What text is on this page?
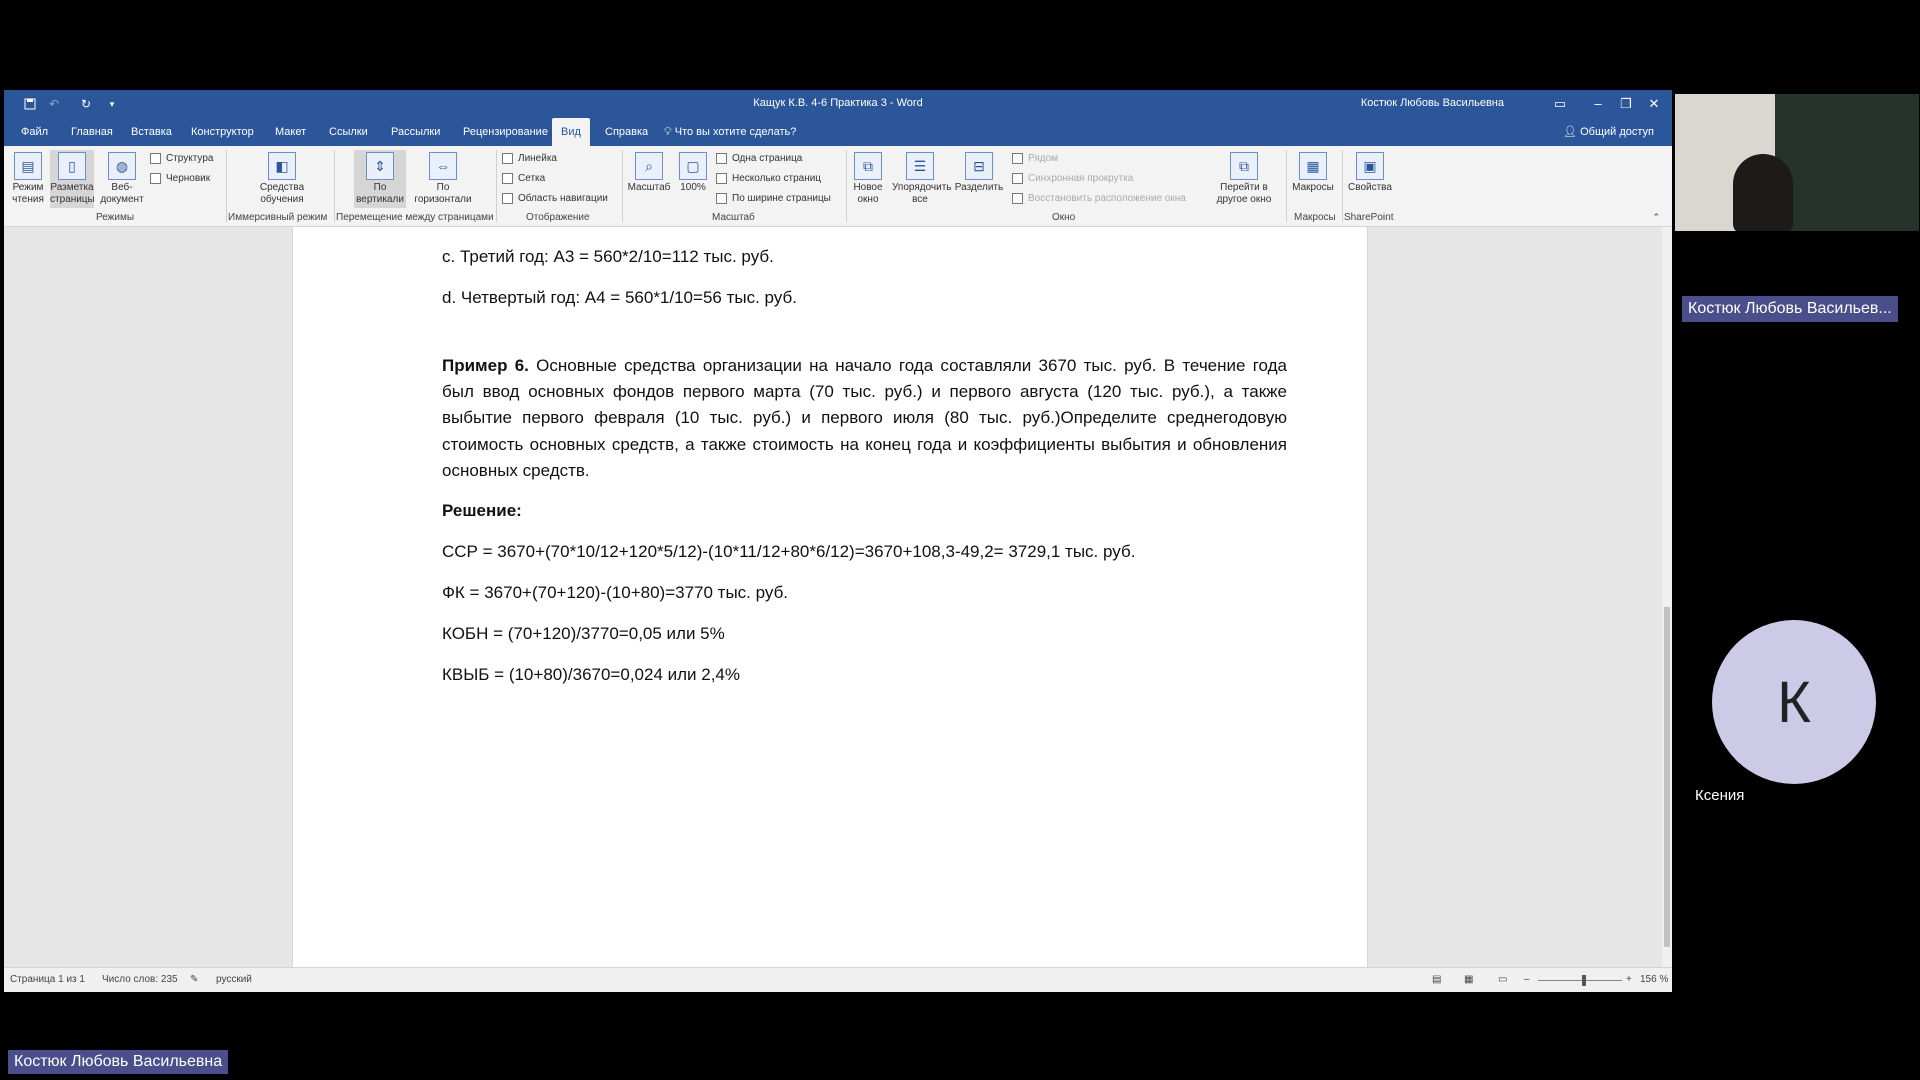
↶ ↻	▾	Кащук К.В. 4-6 Практика 3 - Word	Костюк Любовь Васильевна	▭	–	❐	✕
Файл	Главная	Вставка	Конструктор	Макет	Ссылки	Рассылки	Рецензирование	Вид	Справка	💡︎ Что вы хотите сделать?	👤︎ Общий доступ
▤
Режим чтения
▯
Разметка страницы
◍
Веб-документ
Структура
Черновик
Режимы
◧
Средства обучения
Иммерсивный режим
⇕
По вертикали
⇔
По горизонтали
Перемещение между страницами
Линейка
Сетка
Область навигации
Отображение
⌕
Масштаб
▢
100%
Одна страница
Несколько страниц
По ширине страницы
Масштаб
⧉
Новое окно
☰
Упорядочить все
⊟
Разделить
Рядом
Синхронная прокрутка
Восстановить расположение окна
⧉
Перейти в другое окно
Окно
▦
Макросы
Макросы
▣
Свойства
SharePoint	⌃
c. Третий год: А3 = 560*2/10=112 тыс. руб.
d. Четвертый год: А4 = 560*1/10=56 тыс. руб.
Пример 6. Основные средства организации на начало года составляли 3670 тыс. руб. В течение года был ввод основных фондов первого марта (70 тыс. руб.) и первого августа (120 тыс. руб.), а также выбытие первого февраля (10 тыс. руб.) и первого июля (80 тыс. руб.)Определите среднегодовую стоимость основных средств, а также стоимость на конец года и коэффициенты выбытия и обновления основных средств.
Решение:
ССР = 3670+(70*10/12+120*5/12)-(10*11/12+80*6/12)=3670+108,3-49,2= 3729,1 тыс. руб.
ФК = 3670+(70+120)-(10+80)=3770 тыс. руб.
КОБН = (70+120)/3770=0,05 или 5%
КВЫБ = (10+80)/3670=0,024 или 2,4%
Страница 1 из 1 Число слов: 235 ✎ русский	▤ ▦ ▭ –	+ 156 %
Костюк Любовь Васильев...
К
Ксения
Костюк Любовь Васильевна
